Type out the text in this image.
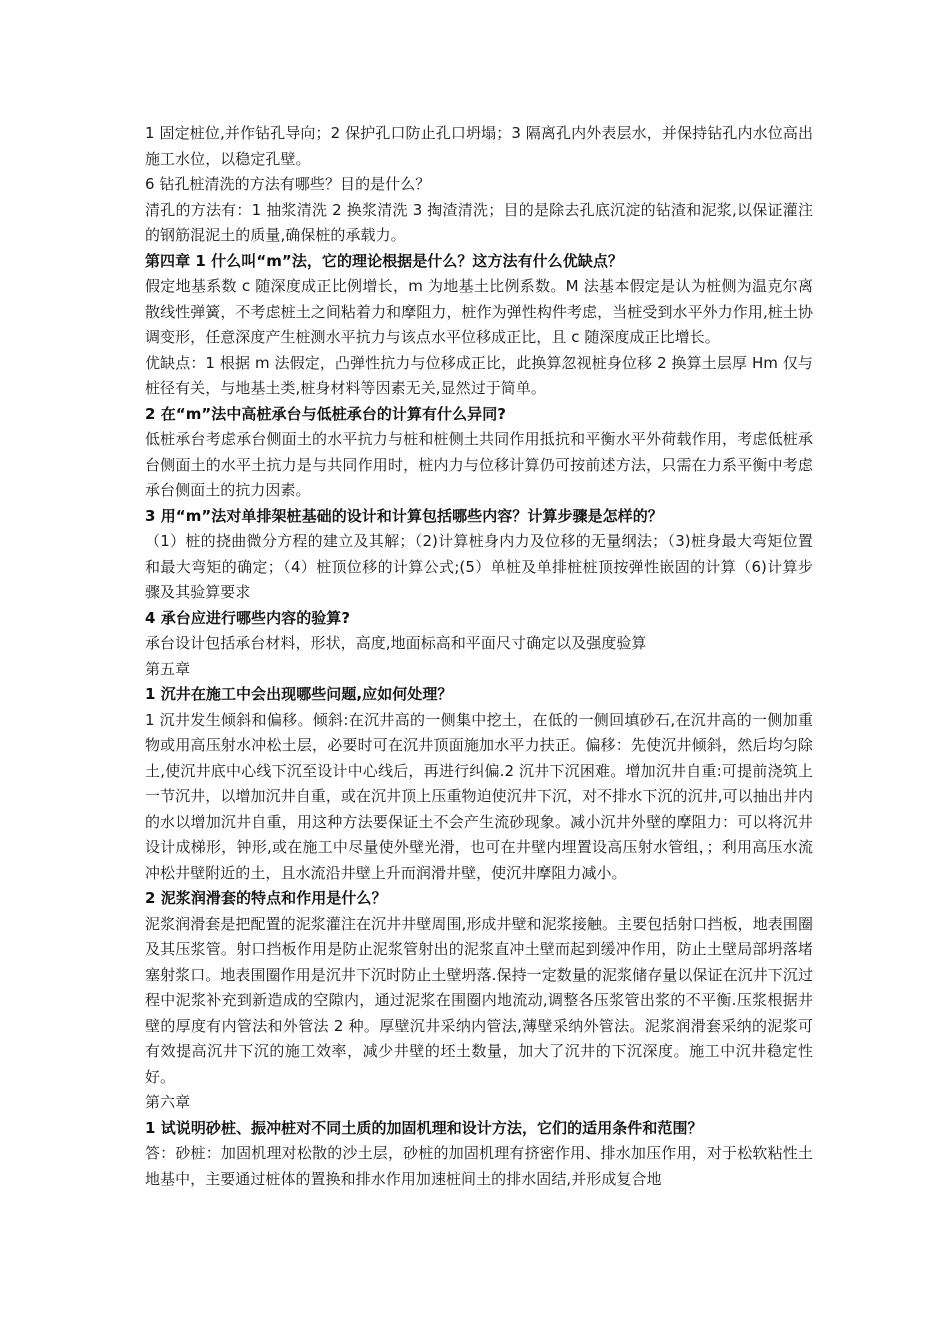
1 固定桩位,并作钻孔导向；2 保护孔口防止孔口坍塌；3 隔离孔内外表层水，并保持钻孔内水位高出施工水位，以稳定孔壁。

6 钻孔桩清洗的方法有哪些？目的是什么？

清孔的方法有：1 抽浆清洗 2 换浆清洗 3 掏渣清洗；目的是除去孔底沉淀的钻渣和泥浆,以保证灌注的钢筋混泥土的质量,确保桩的承载力。

第四章 1 什么叫“m”法，它的理论根据是什么？这方法有什么优缺点？

假定地基系数 c 随深度成正比例增长，m 为地基土比例系数。M 法基本假定是认为桩侧为温克尔离散线性弹簧，不考虑桩土之间粘着力和摩阻力，桩作为弹性构件考虑，当桩受到水平外力作用,桩土协调变形，任意深度产生桩测水平抗力与该点水平位移成正比，且 c 随深度成正比增长。

优缺点：1 根据 m 法假定，凸弹性抗力与位移成正比，此换算忽视桩身位移 2 换算土层厚 Hm 仅与桩径有关，与地基土类,桩身材料等因素无关,显然过于简单。

2 在“m”法中高桩承台与低桩承台的计算有什么异同?

低桩承台考虑承台侧面土的水平抗力与桩和桩侧土共同作用抵抗和平衡水平外荷载作用，考虑低桩承台侧面土的水平土抗力是与共同作用时，桩内力与位移计算仍可按前述方法，只需在力系平衡中考虑承台侧面土的抗力因素。

3 用“m”法对单排架桩基础的设计和计算包括哪些内容？计算步骤是怎样的？

（1）桩的挠曲微分方程的建立及其解；（2)计算桩身内力及位移的无量纲法；（3)桩身最大弯矩位置和最大弯矩的确定；（4）桩顶位移的计算公式;(5）单桩及单排桩桩顶按弹性嵌固的计算（6)计算步骤及其验算要求

4 承台应进行哪些内容的验算?

承台设计包括承台材料，形状，高度,地面标高和平面尺寸确定以及强度验算

第五章

1 沉井在施工中会出现哪些问题,应如何处理？

1 沉井发生倾斜和偏移。倾斜:在沉井高的一侧集中挖土，在低的一侧回填砂石,在沉井高的一侧加重物或用高压射水冲松土层，必要时可在沉井顶面施加水平力扶正。偏移：先使沉井倾斜，然后均匀除土,使沉井底中心线下沉至设计中心线后，再进行纠偏.2 沉井下沉困难。增加沉井自重:可提前浇筑上一节沉井，以增加沉井自重，或在沉井顶上压重物迫使沉井下沉，对不排水下沉的沉井,可以抽出井内的水以增加沉井自重，用这种方法要保证土不会产生流砂现象。减小沉井外壁的摩阻力：可以将沉井设计成梯形，钟形,或在施工中尽量使外壁光滑，也可在井壁内埋置设高压射水管组，；利用高压水流冲松井壁附近的土，且水流沿井壁上升而润滑井壁，使沉井摩阻力减小。

2 泥浆润滑套的特点和作用是什么？

泥浆润滑套是把配置的泥浆灌注在沉井井壁周围,形成井壁和泥浆接触。主要包括射口挡板，地表围圈及其压浆管。射口挡板作用是防止泥浆管射出的泥浆直冲土壁而起到缓冲作用，防止土壁局部坍落堵塞射浆口。地表围圈作用是沉井下沉时防止土壁坍落.保持一定数量的泥浆储存量以保证在沉井下沉过程中泥浆补充到新造成的空隙内，通过泥浆在围圈内地流动,调整各压浆管出浆的不平衡.压浆根据井壁的厚度有内管法和外管法 2 种。厚壁沉井采纳内管法,薄壁采纳外管法。泥浆润滑套采纳的泥浆可有效提高沉井下沉的施工效率，减少井壁的坯土数量，加大了沉井的下沉深度。施工中沉井稳定性好。

第六章

1 试说明砂桩、振冲桩对不同土质的加固机理和设计方法，它们的适用条件和范围？

答：砂桩：加固机理对松散的沙土层，砂桩的加固机理有挤密作用、排水加压作用，对于松软粘性土地基中，主要通过桩体的置换和排水作用加速桩间土的排水固结,并形成复合地
